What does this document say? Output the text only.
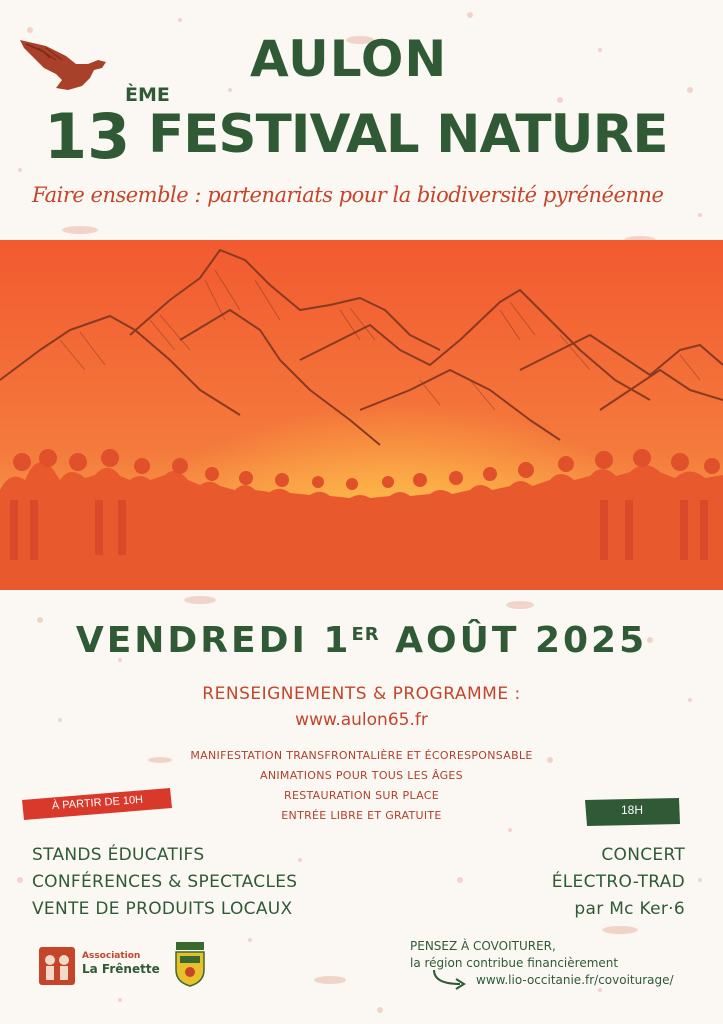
AULON
13
ÈME
FESTIVAL NATURE
Faire ensemble : partenariats pour la biodiversité pyrénéenne
VENDREDI 1ER AOÛT 2025
RENSEIGNEMENTS & PROGRAMME :
www.aulon65.fr
MANIFESTATION TRANSFRONTALIÈRE ET ÉCORESPONSABLE
ANIMATIONS POUR TOUS LES ÂGES
RESTAURATION SUR PLACE
ENTRÉE LIBRE ET GRATUITE
À PARTIR DE 10H	18H
STANDS ÉDUCATIFS
CONFÉRENCES & SPECTACLES
VENTE DE PRODUITS LOCAUX
CONCERT
ÉLECTRO-TRAD
par Mc Ker·6
Association
La Frênette
PENSEZ À COVOITURER,
la région contribue financièrement
www.lio-occitanie.fr/covoiturage/
